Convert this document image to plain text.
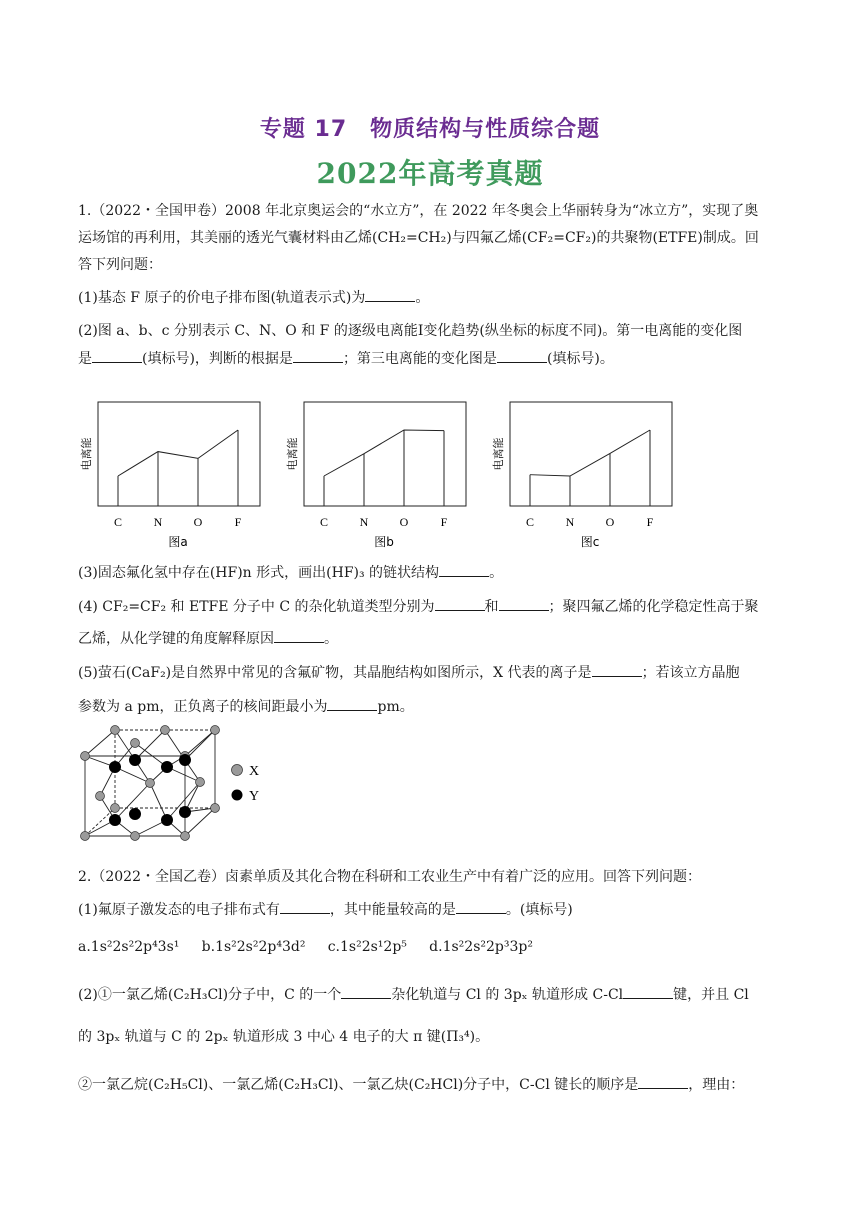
专题 17　物质结构与性质综合题
2022年高考真题
1.（2022・全国甲卷）2008 年北京奥运会的“水立方”，在 2022 年冬奥会上华丽转身为“冰立方”，实现了奥
运场馆的再利用，其美丽的透光气囊材料由乙烯(CH₂=CH₂)与四氟乙烯(CF₂=CF₂)的共聚物(ETFE)制成。回
答下列问题：
(1)基态 F 原子的价电子排布图(轨道表示式)为	。
(2)图 a、b、c 分别表示 C、N、O 和 F 的逐级电离能Ⅰ变化趋势(纵坐标的标度不同)。第一电离能的变化图
是	(填标号)，判断的根据是	；第三电离能的变化图是	(填标号)。
电离能
C	N	O	F
图a
电离能
C	N	O	F
图b
电离能
C	N	O	F
图c
(3)固态氟化氢中存在(HF)n 形式，画出(HF)₃ 的链状结构	。
(4) CF₂=CF₂ 和 ETFE 分子中 C 的杂化轨道类型分别为	和	；聚四氟乙烯的化学稳定性高于聚
乙烯，从化学键的角度解释原因	。
(5)萤石(CaF₂)是自然界中常见的含氟矿物，其晶胞结构如图所示，X 代表的离子是	；若该立方晶胞
参数为 a pm，正负离子的核间距最小为	pm。
X
Y
2.（2022・全国乙卷）卤素单质及其化合物在科研和工农业生产中有着广泛的应用。回答下列问题：
(1)氟原子激发态的电子排布式有	，其中能量较高的是	。(填标号)
a.1s²2s²2p⁴3s¹ b.1s²2s²2p⁴3d² c.1s²2s¹2p⁵ d.1s²2s²2p³3p²
(2)①一氯乙烯(C₂H₃Cl)分子中，C 的一个	杂化轨道与 Cl 的 3pₓ 轨道形成 C-Cl	键，并且 Cl
的 3pₓ 轨道与 C 的 2pₓ 轨道形成 3 中心 4 电子的大 π 键(Π₃⁴)。
②一氯乙烷(C₂H₅Cl)、一氯乙烯(C₂H₃Cl)、一氯乙炔(C₂HCl)分子中，C-Cl 键长的顺序是	，理由：
